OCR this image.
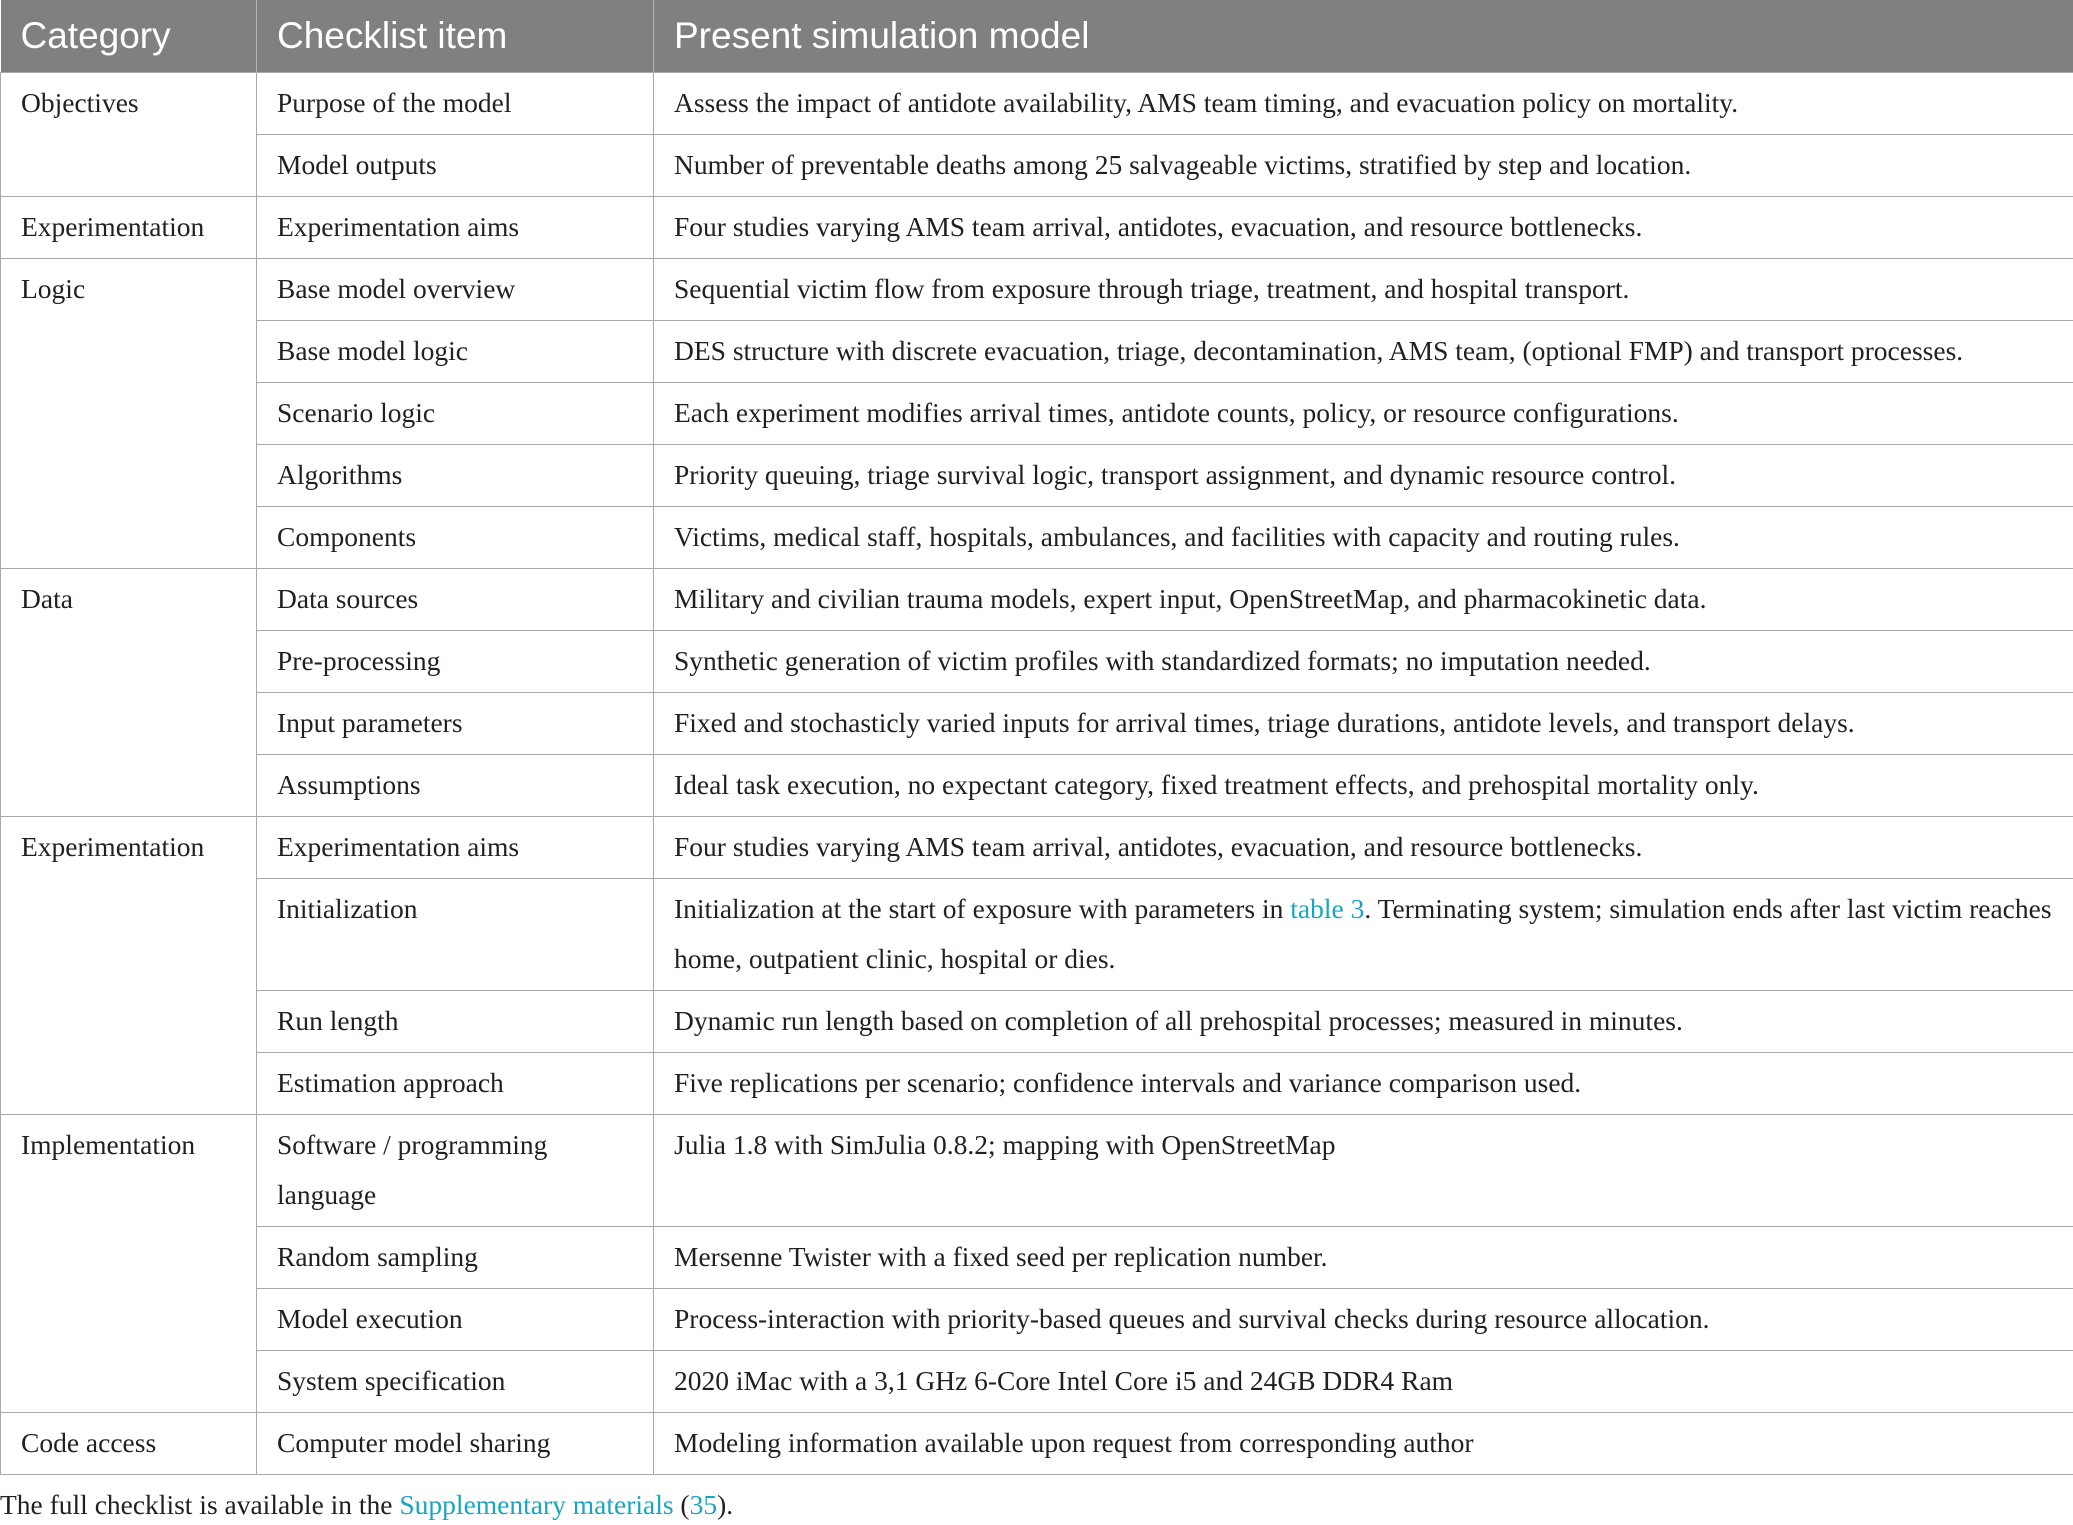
Category	Checklist item	Present simulation model
Objectives	Purpose of the model	Assess the impact of antidote availability, AMS team timing, and evacuation policy on mortality.
	Model outputs	Number of preventable deaths among 25 salvageable victims, stratified by step and location.
Experimentation	Experimentation aims	Four studies varying AMS team arrival, antidotes, evacuation, and resource bottlenecks.
Logic	Base model overview	Sequential victim flow from exposure through triage, treatment, and hospital transport.
	Base model logic	DES structure with discrete evacuation, triage, decontamination, AMS team, (optional FMP) and transport processes.
	Scenario logic	Each experiment modifies arrival times, antidote counts, policy, or resource configurations.
	Algorithms	Priority queuing, triage survival logic, transport assignment, and dynamic resource control.
	Components	Victims, medical staff, hospitals, ambulances, and facilities with capacity and routing rules.
Data	Data sources	Military and civilian trauma models, expert input, OpenStreetMap, and pharmacokinetic data.
	Pre-processing	Synthetic generation of victim profiles with standardized formats; no imputation needed.
	Input parameters	Fixed and stochasticly varied inputs for arrival times, triage durations, antidote levels, and transport delays.
	Assumptions	Ideal task execution, no expectant category, fixed treatment effects, and prehospital mortality only.
Experimentation	Experimentation aims	Four studies varying AMS team arrival, antidotes, evacuation, and resource bottlenecks.
	Initialization	Initialization at the start of exposure with parameters in table 3. Terminating system; simulation ends after last victim reaches home, outpatient clinic, hospital or dies.
	Run length	Dynamic run length based on completion of all prehospital processes; measured in minutes.
	Estimation approach	Five replications per scenario; confidence intervals and variance comparison used.
Implementation	Software / programming language	Julia 1.8 with SimJulia 0.8.2; mapping with OpenStreetMap
	Random sampling	Mersenne Twister with a fixed seed per replication number.
	Model execution	Process-interaction with priority-based queues and survival checks during resource allocation.
	System specification	2020 iMac with a 3,1 GHz 6-Core Intel Core i5 and 24GB DDR4 Ram
Code access	Computer model sharing	Modeling information available upon request from corresponding author
The full checklist is available in the Supplementary materials (35).
